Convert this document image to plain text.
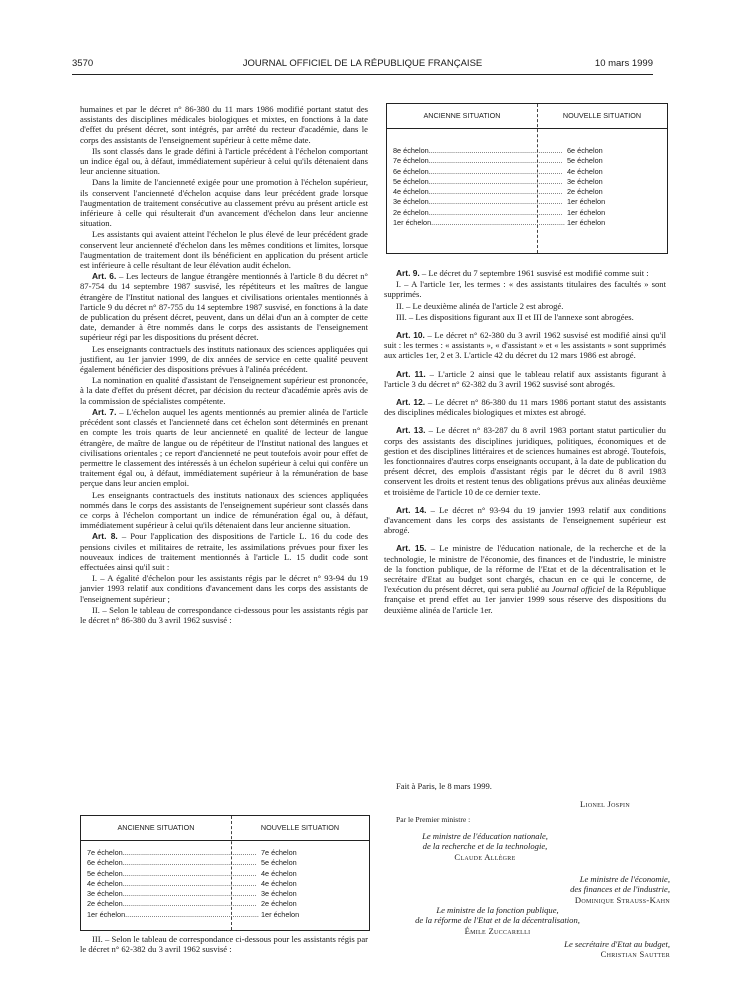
3570	JOURNAL OFFICIEL DE LA RÉPUBLIQUE FRANÇAISE	10 mars 1999

humaines et par le décret n° 86-380 du 11 mars 1986 modifié portant statut des assistants des disciplines médicales biologiques et mixtes, en fonctions à la date d'effet du présent décret, sont intégrés, par arrêté du recteur d'académie, dans le corps des assistants de l'enseignement supérieur à cette même date.

Ils sont classés dans le grade défini à l'article précédent à l'échelon comportant un indice égal ou, à défaut, immédiatement supérieur à celui qu'ils détenaient dans leur ancienne situation.

Dans la limite de l'ancienneté exigée pour une promotion à l'échelon supérieur, ils conservent l'ancienneté d'échelon acquise dans leur précédent grade lorsque l'augmentation de traitement consécutive au classement prévu au présent article est inférieure à celle qui résulterait d'un avancement d'échelon dans leur ancienne situation.

Les assistants qui avaient atteint l'échelon le plus élevé de leur précédent grade conservent leur ancienneté d'échelon dans les mêmes conditions et limites, lorsque l'augmentation de traitement dont ils bénéficient en application du présent article est inférieure à celle résultant de leur élévation audit échelon.

Art. 6. – Les lecteurs de langue étrangère mentionnés à l'article 8 du décret n° 87-754 du 14 septembre 1987 susvisé, les répétiteurs et les maîtres de langue étrangère de l'Institut national des langues et civilisations orientales mentionnés à l'article 9 du décret n° 87-755 du 14 septembre 1987 susvisé, en fonctions à la date de publication du présent décret, peuvent, dans un délai d'un an à compter de cette date, demander à être nommés dans le corps des assistants de l'enseignement supérieur régi par les dispositions du présent décret.

Les enseignants contractuels des instituts nationaux des sciences appliquées qui justifient, au 1er janvier 1999, de dix années de service en cette qualité peuvent également bénéficier des dispositions prévues à l'alinéa précédent.

La nomination en qualité d'assistant de l'enseignement supérieur est prononcée, à la date d'effet du présent décret, par décision du recteur d'académie après avis de la commission de spécialistes compétente.

Art. 7. – L'échelon auquel les agents mentionnés au premier alinéa de l'article précédent sont classés et l'ancienneté dans cet échelon sont déterminés en prenant en compte les trois quarts de leur ancienneté en qualité de lecteur de langue étrangère, de maître de langue ou de répétiteur de l'Institut national des langues et civilisations orientales ; ce report d'ancienneté ne peut toutefois avoir pour effet de permettre le classement des intéressés à un échelon supérieur à celui qui confère un traitement égal ou, à défaut, immédiatement supérieur à la rémunération de base perçue dans leur ancien emploi.

Les enseignants contractuels des instituts nationaux des sciences appliquées nommés dans le corps des assistants de l'enseignement supérieur sont classés dans ce corps à l'échelon comportant un indice de rémunération égal ou, à défaut, immédiatement supérieur à celui qu'ils détenaient dans leur ancienne situation.

Art. 8. – Pour l'application des dispositions de l'article L. 16 du code des pensions civiles et militaires de retraite, les assimilations prévues pour fixer les nouveaux indices de traitement mentionnés à l'article L. 15 dudit code sont effectuées ainsi qu'il suit :

I. – A égalité d'échelon pour les assistants régis par le décret n° 93-94 du 19 janvier 1993 relatif aux conditions d'avancement dans les corps des assistants de l'enseignement supérieur ;

II. – Selon le tableau de correspondance ci-dessous pour les assistants régis par le décret n° 86-380 du 3 avril 1962 susvisé :

ANCIENNE SITUATION	NOUVELLE SITUATION
7e échelon.................................................................. 7e échelon
6e échelon.................................................................. 5e échelon
5e échelon.................................................................. 4e échelon
4e échelon.................................................................. 4e échelon
3e échelon.................................................................. 3e échelon
2e échelon.................................................................. 2e échelon
1er échelon.................................................................. 1er échelon

III. – Selon le tableau de correspondance ci-dessous pour les assistants régis par le décret n° 62-382 du 3 avril 1962 susvisé :

ANCIENNE SITUATION	NOUVELLE SITUATION
8e échelon.................................................................. 6e échelon
7e échelon.................................................................. 5e échelon
6e échelon.................................................................. 4e échelon
5e échelon.................................................................. 3e échelon
4e échelon.................................................................. 2e échelon
3e échelon.................................................................. 1er échelon
2e échelon.................................................................. 1er échelon
1er échelon.................................................................. 1er échelon

Art. 9. – Le décret du 7 septembre 1961 susvisé est modifié comme suit :

I. – A l'article 1er, les termes : « des assistants titulaires des facultés » sont supprimés.

II. – Le deuxième alinéa de l'article 2 est abrogé.

III. – Les dispositions figurant aux II et III de l'annexe sont abrogées.

Art. 10. – Le décret n° 62-380 du 3 avril 1962 susvisé est modifié ainsi qu'il suit : les termes : « assistants », « d'assistant » et « les assistants » sont supprimés aux articles 1er, 2 et 3. L'article 42 du décret du 12 mars 1986 est abrogé.

Art. 11. – L'article 2 ainsi que le tableau relatif aux assistants figurant à l'article 3 du décret n° 62-382 du 3 avril 1962 susvisé sont abrogés.

Art. 12. – Le décret n° 86-380 du 11 mars 1986 portant statut des assistants des disciplines médicales biologiques et mixtes est abrogé.

Art. 13. – Le décret n° 83-287 du 8 avril 1983 portant statut particulier du corps des assistants des disciplines juridiques, politiques, économiques et de gestion et des disciplines littéraires et de sciences humaines est abrogé. Toutefois, les fonctionnaires d'autres corps enseignants occupant, à la date de publication du présent décret, des emplois d'assistant régis par le décret du 8 avril 1983 conservent les droits et restent tenus des obligations prévus aux alinéas deuxième et troisième de l'article 10 de ce dernier texte.

Art. 14. – Le décret n° 93-94 du 19 janvier 1993 relatif aux conditions d'avancement dans les corps des assistants de l'enseignement supérieur est abrogé.

Art. 15. – Le ministre de l'éducation nationale, de la recherche et de la technologie, le ministre de l'économie, des finances et de l'industrie, le ministre de la fonction publique, de la réforme de l'Etat et de la décentralisation et le secrétaire d'Etat au budget sont chargés, chacun en ce qui le concerne, de l'exécution du présent décret, qui sera publié au Journal officiel de la République française et prend effet au 1er janvier 1999 sous réserve des dispositions du deuxième alinéa de l'article 1er.

Fait à Paris, le 8 mars 1999.
Lionel Jospin
Par le Premier ministre :
Le ministre de l'éducation nationale,
de la recherche et de la technologie,
Claude Allègre
Le ministre de l'économie,
des finances et de l'industrie,
Dominique Strauss-Kahn
Le ministre de la fonction publique,
de la réforme de l'Etat et de la décentralisation,
Émile Zuccarelli
Le secrétaire d'Etat au budget,
Christian Sautter
